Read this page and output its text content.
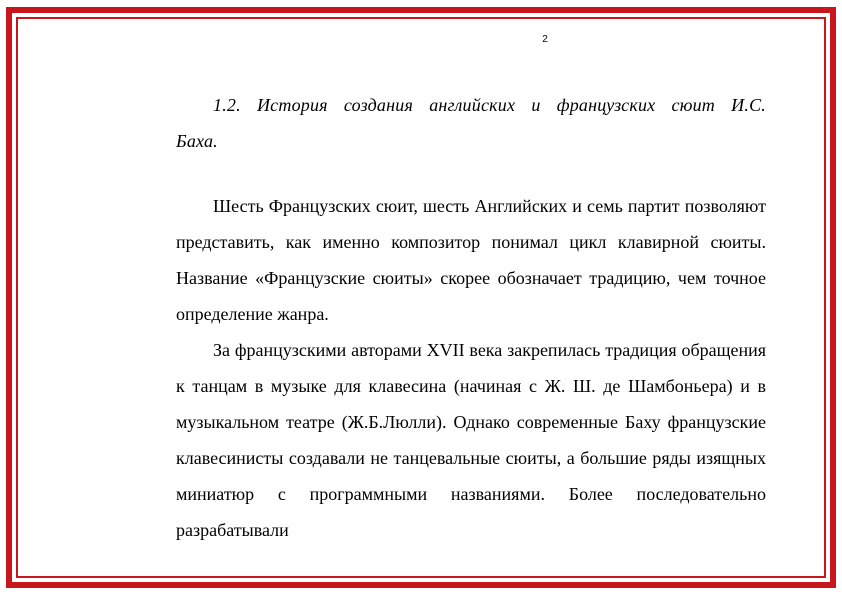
2
1.2. История создания английских и французских сюит И.С. Баха.

Шесть Французских сюит, шесть Английских и семь партит позволяют представить, как именно композитор понимал цикл клавирной сюиты. Название «Французские сюиты» скорее обозначает традицию, чем точное определение жанра.

За французскими авторами XVII века закрепилась традиция обращения к танцам в музыке для клавесина (начиная с Ж. Ш. де Шамбоньера) и в музыкальном театре (Ж.Б.Люлли). Однако современные Баху французские клавесинисты создавали не танцевальные сюиты, а большие ряды изящных миниатюр с программными названиями. Более последовательно разрабатывали
